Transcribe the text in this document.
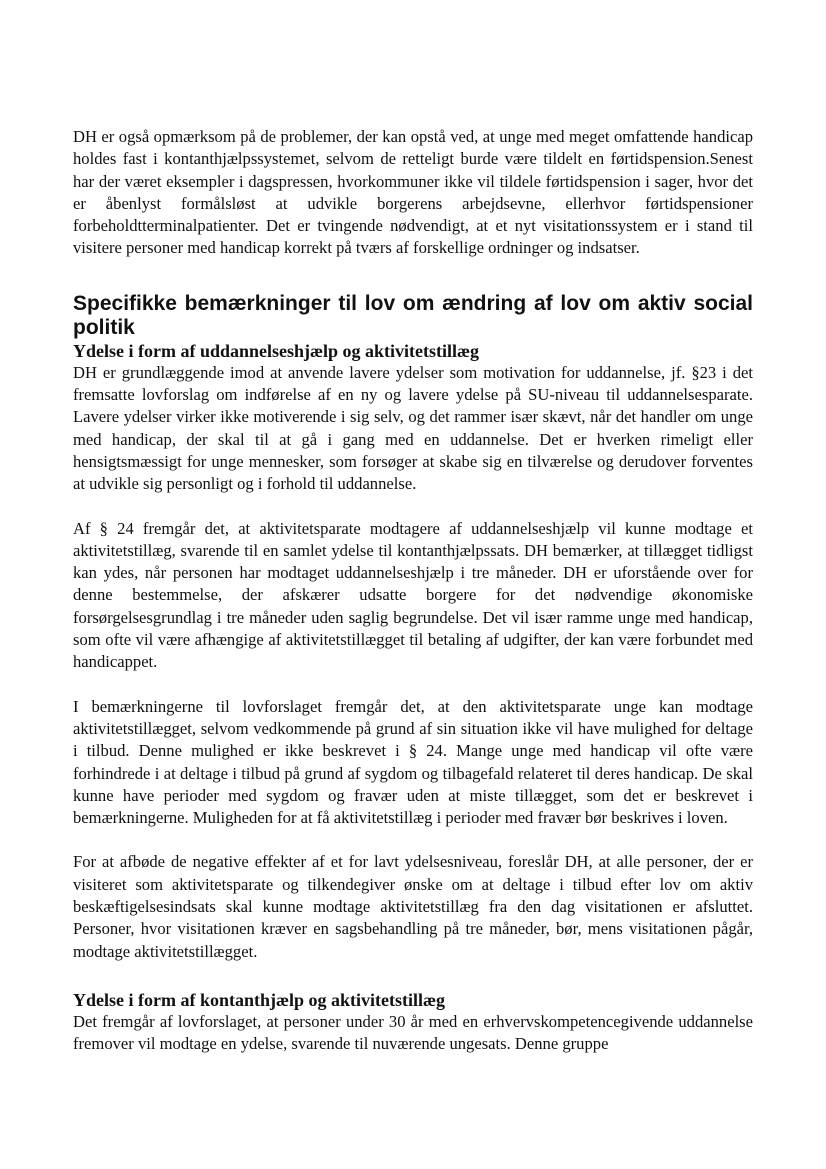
DH er også opmærksom på de problemer, der kan opstå ved, at unge med meget omfattende handicap holdes fast i kontanthjælpssystemet, selvom de retteligt burde være tildelt en førtidspension.Senest har der været eksempler i dagspressen, hvorkommuner ikke vil tildele førtidspension i sager, hvor det er åbenlyst formålsløst at udvikle borgerens arbejdsevne, ellerhvor førtidspensioner forbeholdtterminalpatienter. Det er tvingende nødvendigt, at et nyt visitationssystem er i stand til visitere personer med handicap korrekt på tværs af forskellige ordninger og indsatser.

Specifikke bemærkninger til lov om ændring af lov om aktiv social politik
Ydelse i form af uddannelseshjælp og aktivitetstillæg

DH er grundlæggende imod at anvende lavere ydelser som motivation for uddannelse, jf. §23 i det fremsatte lovforslag om indførelse af en ny og lavere ydelse på SU-niveau til uddannelsesparate. Lavere ydelser virker ikke motiverende i sig selv, og det rammer især skævt, når det handler om unge med handicap, der skal til at gå i gang med en uddannelse. Det er hverken rimeligt eller hensigtsmæssigt for unge mennesker, som forsøger at skabe sig en tilværelse og derudover forventes at udvikle sig personligt og i forhold til uddannelse.

Af § 24 fremgår det, at aktivitetsparate modtagere af uddannelseshjælp vil kunne modtage et aktivitetstillæg, svarende til en samlet ydelse til kontanthjælpssats. DH bemærker, at tillægget tidligst kan ydes, når personen har modtaget uddannelseshjælp i tre måneder. DH er uforstående over for denne bestemmelse, der afskærer udsatte borgere for det nødvendige økonomiske forsørgelsesgrundlag i tre måneder uden saglig begrundelse. Det vil især ramme unge med handicap, som ofte vil være afhængige af aktivitetstillægget til betaling af udgifter, der kan være forbundet med handicappet.

I bemærkningerne til lovforslaget fremgår det, at den aktivitetsparate unge kan modtage aktivitetstillægget, selvom vedkommende på grund af sin situation ikke vil have mulighed for deltage i tilbud. Denne mulighed er ikke beskrevet i § 24. Mange unge med handicap vil ofte være forhindrede i at deltage i tilbud på grund af sygdom og tilbagefald relateret til deres handicap. De skal kunne have perioder med sygdom og fravær uden at miste tillægget, som det er beskrevet i bemærkningerne. Muligheden for at få aktivitetstillæg i perioder med fravær bør beskrives i loven.

For at afbøde de negative effekter af et for lavt ydelsesniveau, foreslår DH, at alle personer, der er visiteret som aktivitetsparate og tilkendegiver ønske om at deltage i tilbud efter lov om aktiv beskæftigelsesindsats skal kunne modtage aktivitetstillæg fra den dag visitationen er afsluttet. Personer, hvor visitationen kræver en sagsbehandling på tre måneder, bør, mens visitationen pågår, modtage aktivitetstillægget.

Ydelse i form af kontanthjælp og aktivitetstillæg

Det fremgår af lovforslaget, at personer under 30 år med en erhvervskompetencegivende uddannelse fremover vil modtage en ydelse, svarende til nuværende ungesats. Denne gruppe
